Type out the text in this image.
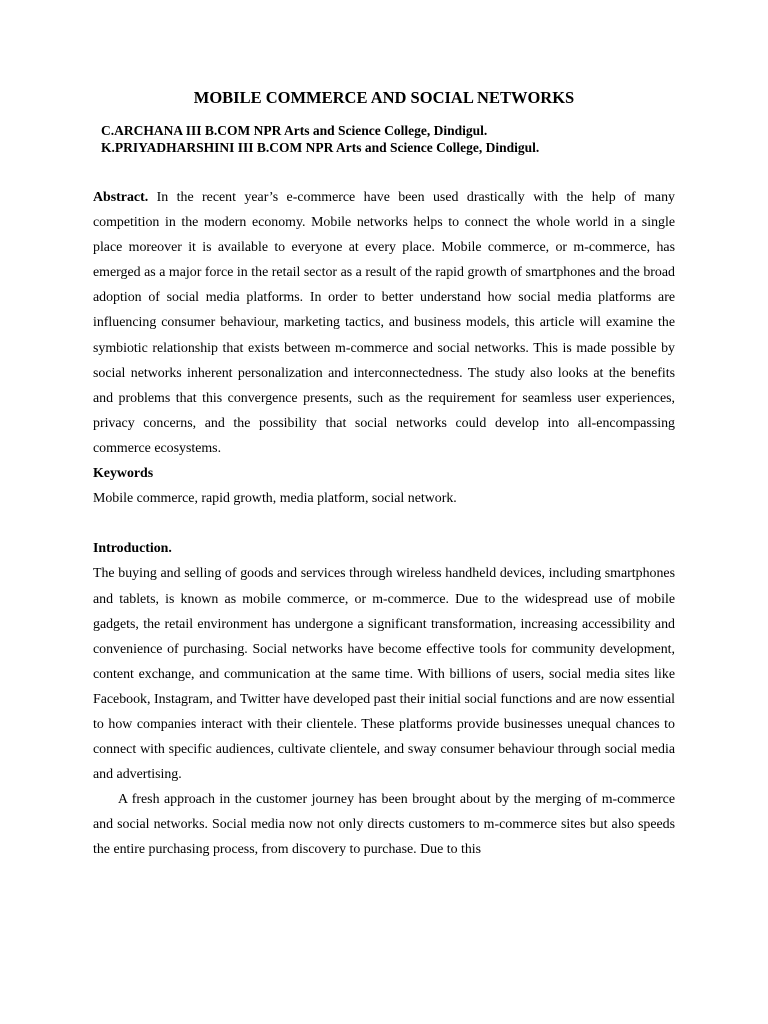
MOBILE COMMERCE AND SOCIAL NETWORKS
C.ARCHANA III B.COM NPR Arts and Science College, Dindigul.
K.PRIYADHARSHINI III B.COM NPR Arts and Science College, Dindigul.

Abstract. In the recent year’s e-commerce have been used drastically with the help of many competition in the modern economy. Mobile networks helps to connect the whole world in a single place moreover it is available to everyone at every place. Mobile commerce, or m-commerce, has emerged as a major force in the retail sector as a result of the rapid growth of smartphones and the broad adoption of social media platforms. In order to better understand how social media platforms are influencing consumer behaviour, marketing tactics, and business models, this article will examine the symbiotic relationship that exists between m-commerce and social networks. This is made possible by social networks inherent personalization and interconnectedness. The study also looks at the benefits and problems that this convergence presents, such as the requirement for seamless user experiences, privacy concerns, and the possibility that social networks could develop into all-encompassing commerce ecosystems.

Keywords

Mobile commerce, rapid growth, media platform, social network.

Introduction.

The buying and selling of goods and services through wireless handheld devices, including smartphones and tablets, is known as mobile commerce, or m-commerce. Due to the widespread use of mobile gadgets, the retail environment has undergone a significant transformation, increasing accessibility and convenience of purchasing. Social networks have become effective tools for community development, content exchange, and communication at the same time. With billions of users, social media sites like Facebook, Instagram, and Twitter have developed past their initial social functions and are now essential to how companies interact with their clientele. These platforms provide businesses unequal chances to connect with specific audiences, cultivate clientele, and sway consumer behaviour through social media and advertising.

A fresh approach in the customer journey has been brought about by the merging of m-commerce and social networks. Social media now not only directs customers to m-commerce sites but also speeds the entire purchasing process, from discovery to purchase. Due to this
